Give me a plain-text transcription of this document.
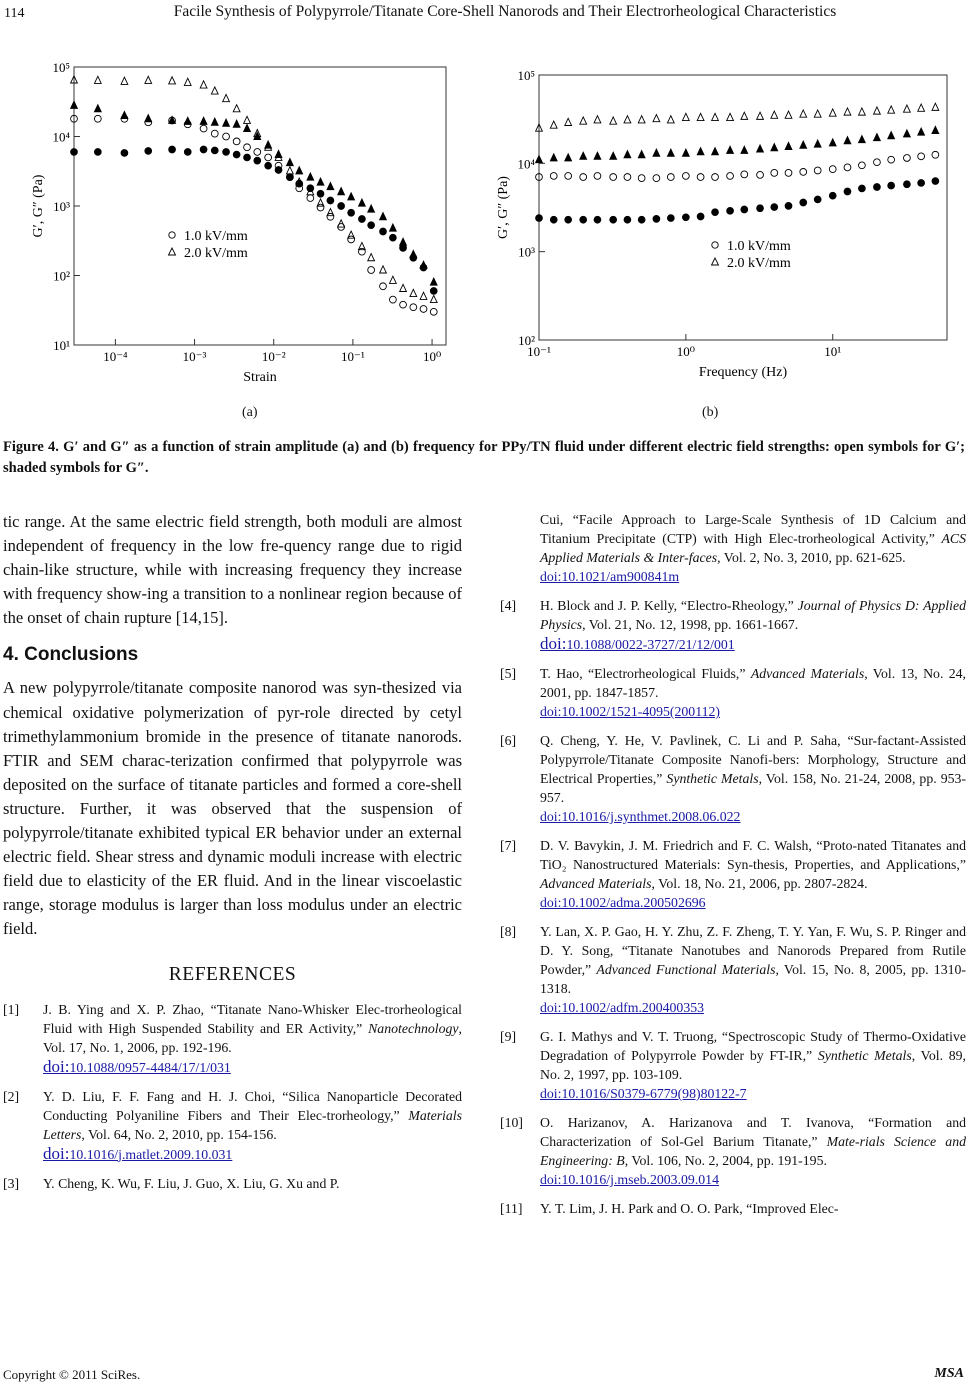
114	Facile Synthesis of Polypyrrole/Titanate Core-Shell Nanorods and Their Electrorheological Characteristics
10⁻⁴	10⁻³	10⁻²	10⁻¹	10⁰
10¹
10²
10³
10⁴
10⁵
Strain
G′, G″ (Pa)	1.0 kV/mm
2.0 kV/mm
10⁻¹	10⁰	10¹
10²
10³
10⁴
10⁵
Frequency (Hz)
G′, G″ (Pa)
1.0 kV/mm
2.0 kV/mm
(a)	(b)
Figure 4. G′ and G″ as a function of strain amplitude (a) and (b) frequency for PPy/TN fluid under different electric field strengths: open symbols for G′; shaded symbols for G″.
tic range. At the same electric field strength, both moduli are almost independent of frequency in the low fre-quency range due to rigid chain-like structure, while with increasing frequency they increase with frequency show-ing a transition to a nonlinear region because of the onset of chain rupture [14,15].
4. Conclusions
A new polypyrrole/titanate composite nanorod was syn-thesized via chemical oxidative polymerization of pyr-role directed by cetyl trimethylammonium bromide in the presence of titanate nanorods. FTIR and SEM charac-terization confirmed that polypyrrole was deposited on the surface of titanate particles and formed a core-shell structure. Further, it was observed that the suspension of polypyrrole/titanate exhibited typical ER behavior under an external electric field. Shear stress and dynamic moduli increase with electric field due to elasticity of the ER fluid. And in the linear viscoelastic range, storage modulus is larger than loss modulus under an electric field.
REFERENCES
[1] J. B. Ying and X. P. Zhao, “Titanate Nano-Whisker Elec-trorheological Fluid with High Suspended Stability and ER Activity,” Nanotechnology, Vol. 17, No. 1, 2006, pp. 192-196.
doi:10.1088/0957-4484/17/1/031
[2] Y. D. Liu, F. F. Fang and H. J. Choi, “Silica Nanoparticle Decorated Conducting Polyaniline Fibers and Their Elec-trorheology,” Materials Letters, Vol. 64, No. 2, 2010, pp. 154-156.
doi:10.1016/j.matlet.2009.10.031
[3] Y. Cheng, K. Wu, F. Liu, J. Guo, X. Liu, G. Xu and P.
Cui, “Facile Approach to Large-Scale Synthesis of 1D Calcium and Titanium Precipitate (CTP) with High Elec-trorheological Activity,” ACS Applied Materials & Inter-faces, Vol. 2, No. 3, 2010, pp. 621-625.
doi:10.1021/am900841m
[4] H. Block and J. P. Kelly, “Electro-Rheology,” Journal of Physics D: Applied Physics, Vol. 21, No. 12, 1998, pp. 1661-1667.
doi:10.1088/0022-3727/21/12/001
[5] T. Hao, “Electrorheological Fluids,” Advanced Materials, Vol. 13, No. 24, 2001, pp. 1847-1857.
doi:10.1002/1521-4095(200112)
[6] Q. Cheng, Y. He, V. Pavlinek, C. Li and P. Saha, “Sur-factant-Assisted Polypyrrole/Titanate Composite Nanofi-bers: Morphology, Structure and Electrical Properties,” Synthetic Metals, Vol. 158, No. 21-24, 2008, pp. 953-957.
doi:10.1016/j.synthmet.2008.06.022
[7] D. V. Bavykin, J. M. Friedrich and F. C. Walsh, “Proto-nated Titanates and TiO₂ Nanostructured Materials: Syn-thesis, Properties, and Applications,” Advanced Materials, Vol. 18, No. 21, 2006, pp. 2807-2824.
doi:10.1002/adma.200502696
[8] Y. Lan, X. P. Gao, H. Y. Zhu, Z. F. Zheng, T. Y. Yan, F. Wu, S. P. Ringer and D. Y. Song, “Titanate Nanotubes and Nanorods Prepared from Rutile Powder,” Advanced Functional Materials, Vol. 15, No. 8, 2005, pp. 1310-1318.
doi:10.1002/adfm.200400353
[9] G. I. Mathys and V. T. Truong, “Spectroscopic Study of Thermo-Oxidative Degradation of Polypyrrole Powder by FT-IR,” Synthetic Metals, Vol. 89, No. 2, 1997, pp. 103-109.
doi:10.1016/S0379-6779(98)80122-7
[10] O. Harizanov, A. Harizanova and T. Ivanova, “Formation and Characterization of Sol-Gel Barium Titanate,” Mate-rials Science and Engineering: B, Vol. 106, No. 2, 2004, pp. 191-195.
doi:10.1016/j.mseb.2003.09.014
[11] Y. T. Lim, J. H. Park and O. O. Park, “Improved Elec-
Copyright © 2011 SciRes.	MSA
